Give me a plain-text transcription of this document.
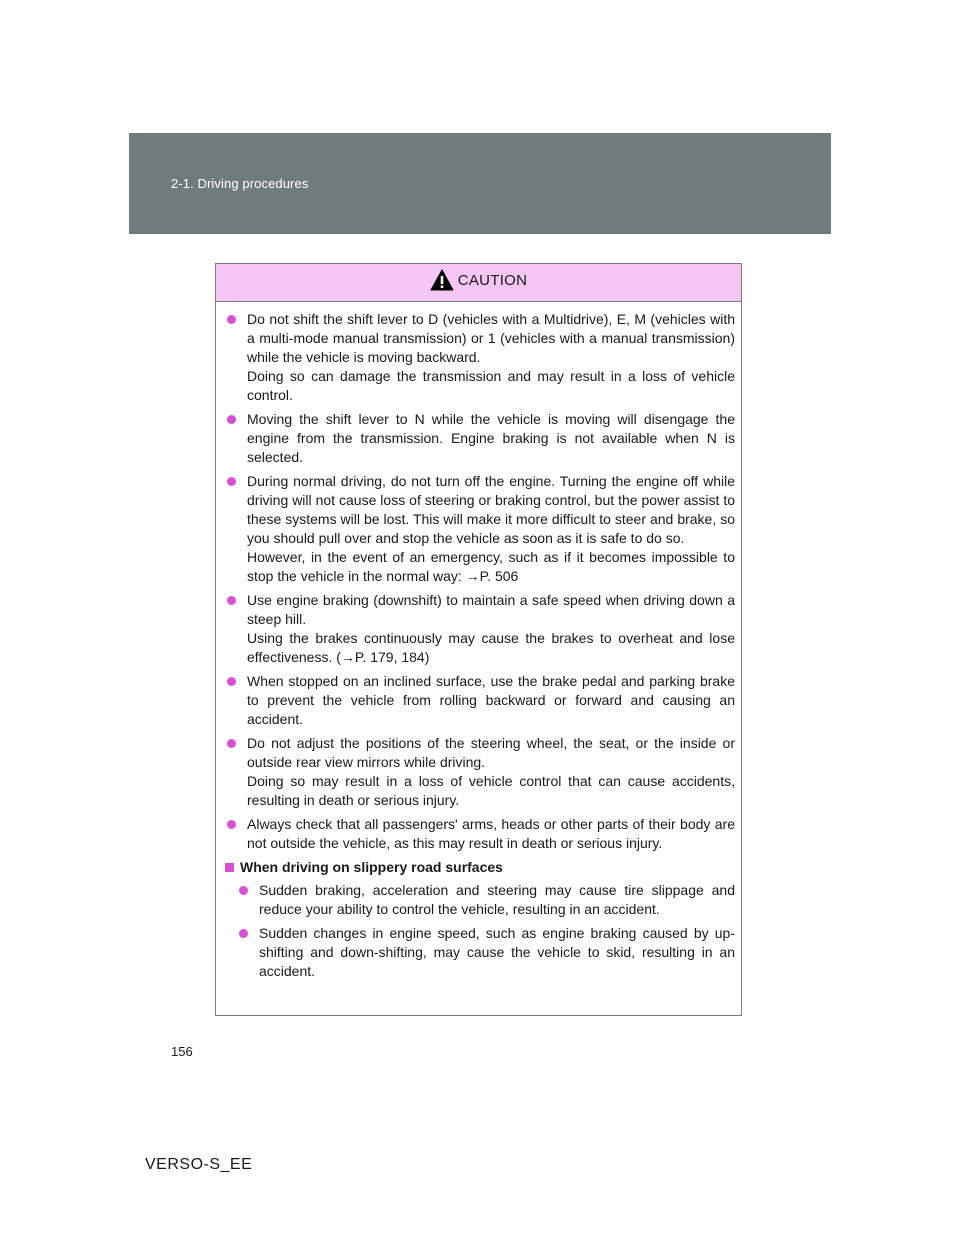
2-1. Driving procedures
CAUTION

Do not shift the shift lever to D (vehicles with a Multidrive), E, M (vehicles with a multi-mode manual transmission) or 1 (vehicles with a manual transmission) while the vehicle is moving backward.

Doing so can damage the transmission and may result in a loss of vehicle control.

Moving the shift lever to N while the vehicle is moving will disengage the engine from the transmission. Engine braking is not available when N is selected.

During normal driving, do not turn off the engine. Turning the engine off while driving will not cause loss of steering or braking control, but the power assist to these systems will be lost. This will make it more difficult to steer and brake, so you should pull over and stop the vehicle as soon as it is safe to do so.

However, in the event of an emergency, such as if it becomes impossible to stop the vehicle in the normal way: →P. 506

Use engine braking (downshift) to maintain a safe speed when driving down a steep hill.

Using the brakes continuously may cause the brakes to overheat and lose effectiveness. (→P. 179, 184)

When stopped on an inclined surface, use the brake pedal and parking brake to prevent the vehicle from rolling backward or forward and causing an accident.

Do not adjust the positions of the steering wheel, the seat, or the inside or outside rear view mirrors while driving.

Doing so may result in a loss of vehicle control that can cause accidents, resulting in death or serious injury.

Always check that all passengers' arms, heads or other parts of their body are not outside the vehicle, as this may result in death or serious injury.

When driving on slippery road surfaces

Sudden braking, acceleration and steering may cause tire slippage and reduce your ability to control the vehicle, resulting in an accident.

Sudden changes in engine speed, such as engine braking caused by up-shifting and down-shifting, may cause the vehicle to skid, resulting in an accident.

156
VERSO-S_EE
